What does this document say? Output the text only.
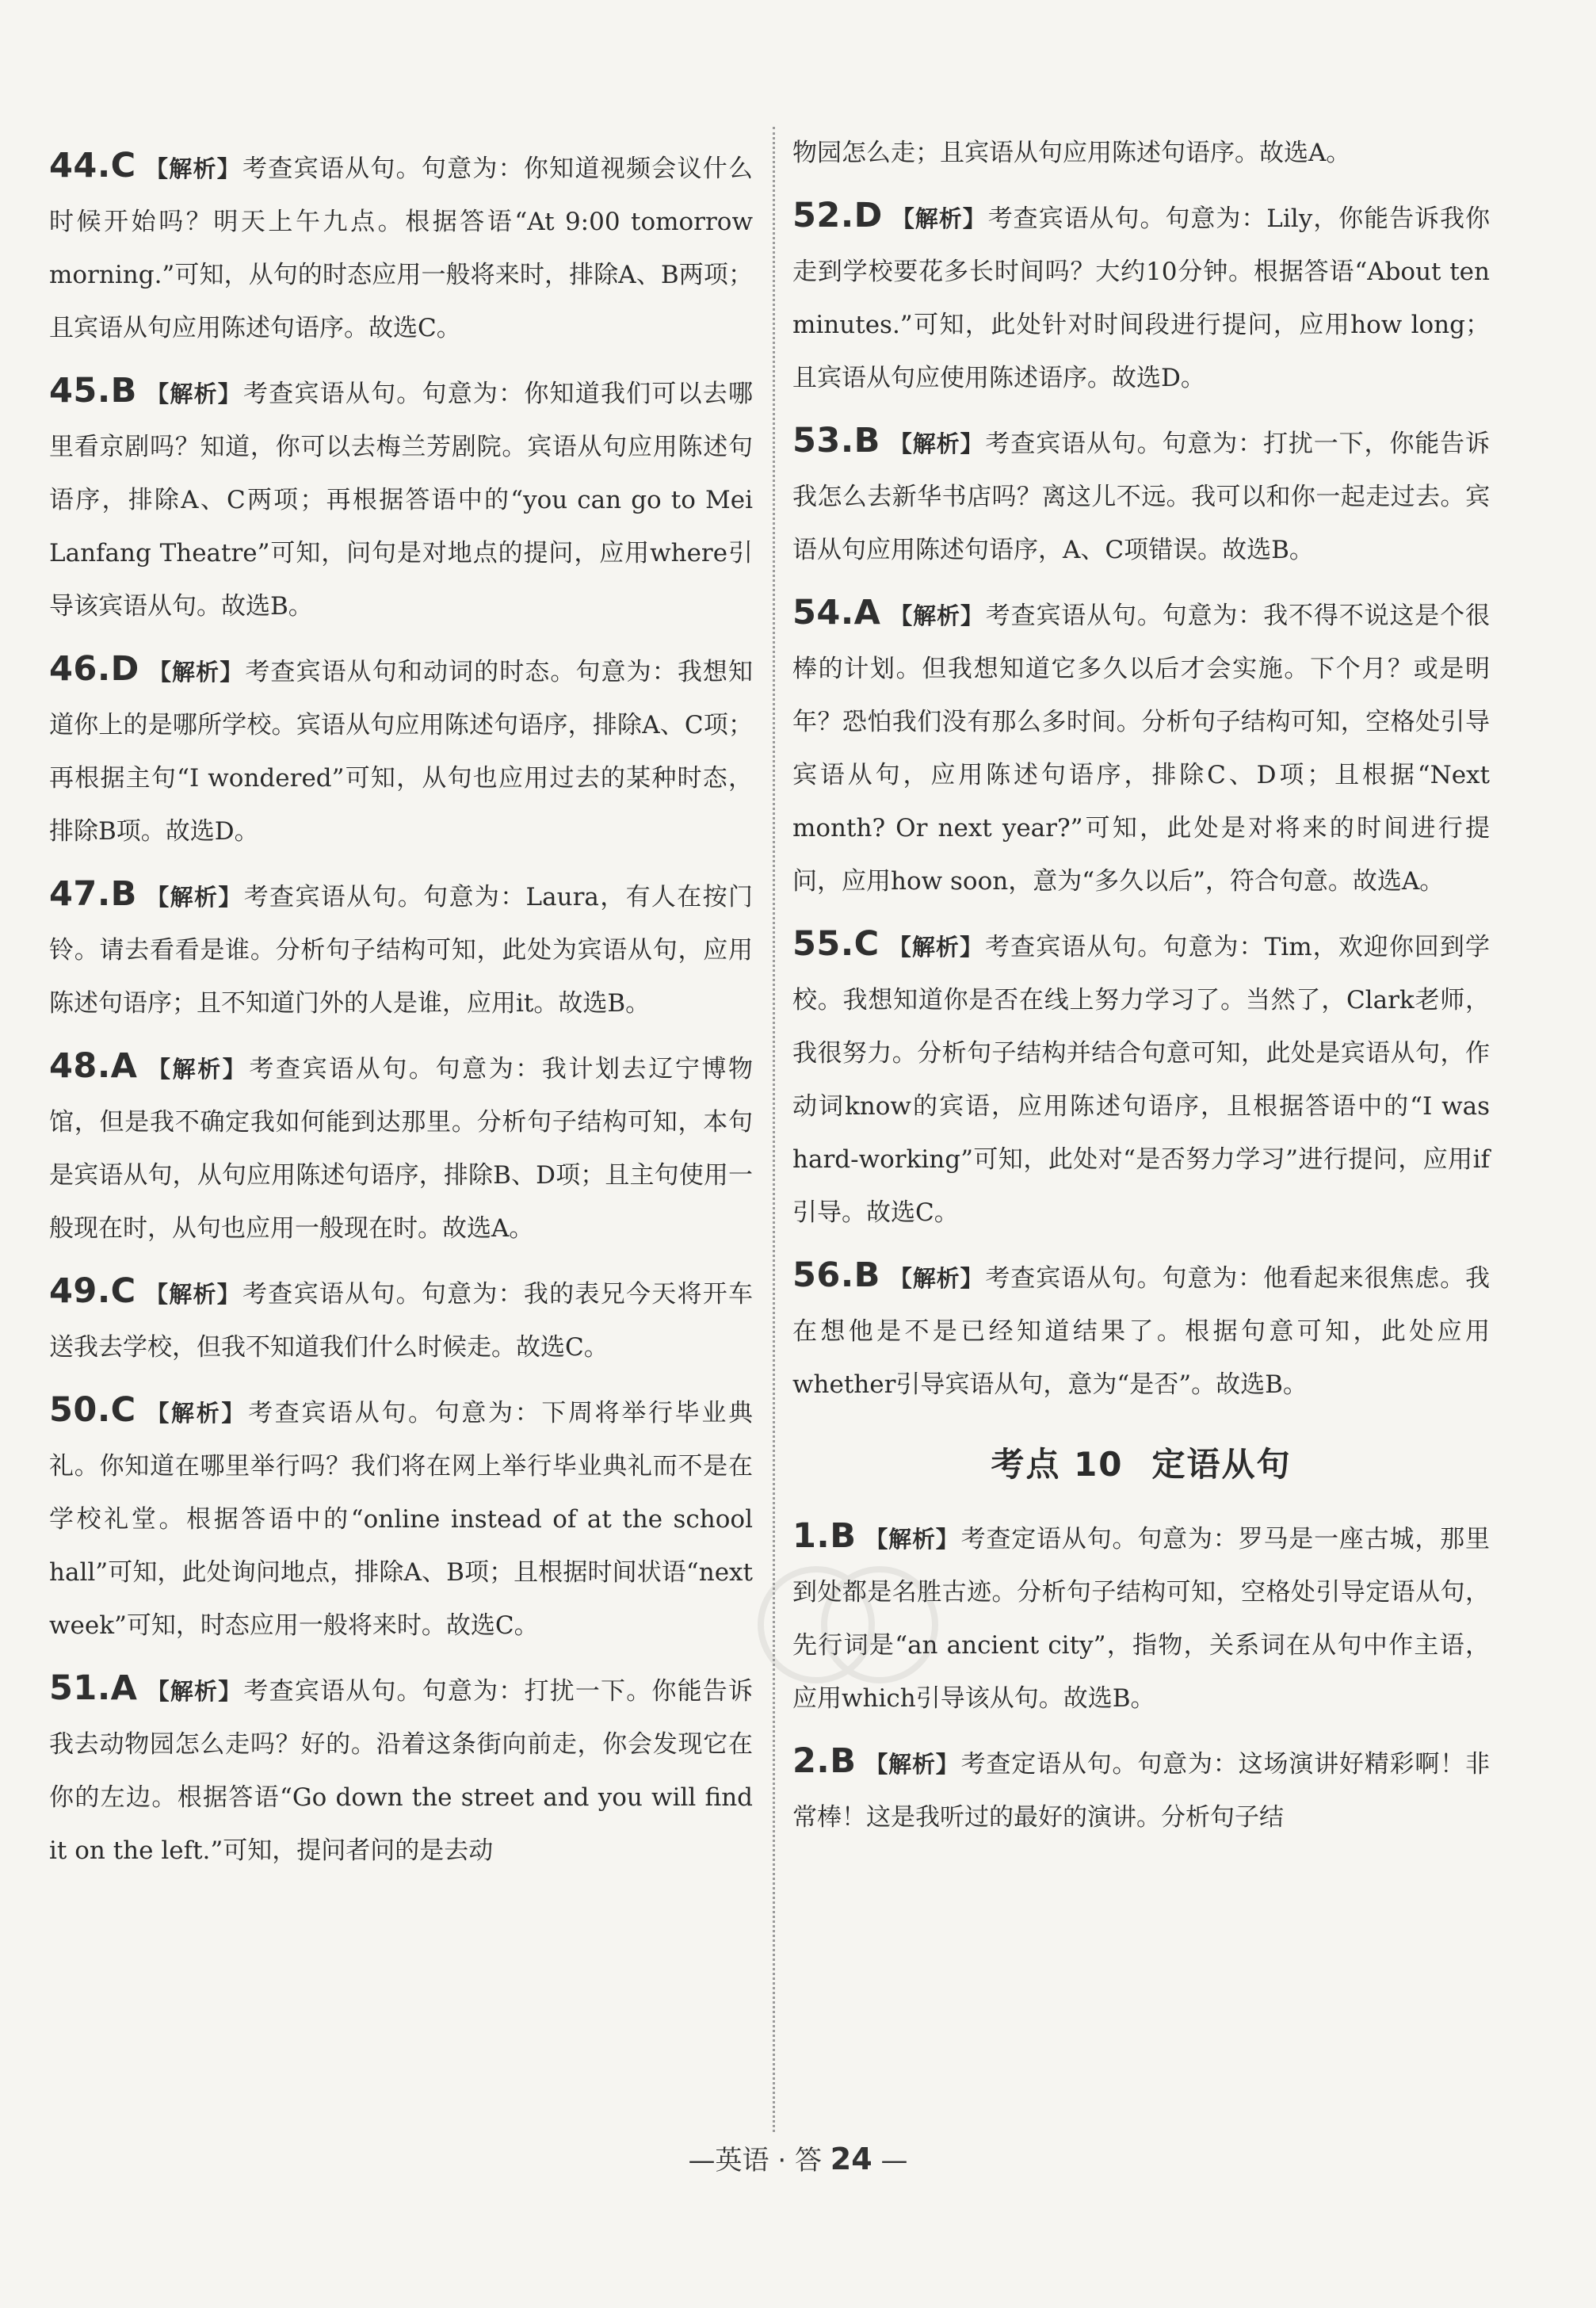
44.C 【解析】考查宾语从句。句意为：你知道视频会议什么时候开始吗？明天上午九点。根据答语“At 9:00 tomorrow morning.”可知，从句的时态应用一般将来时，排除A、B两项；且宾语从句应用陈述句语序。故选C。
45.B 【解析】考查宾语从句。句意为：你知道我们可以去哪里看京剧吗？知道，你可以去梅兰芳剧院。宾语从句应用陈述句语序，排除A、C两项；再根据答语中的“you can go to Mei Lanfang Theatre”可知，问句是对地点的提问，应用where引导该宾语从句。故选B。
46.D 【解析】考查宾语从句和动词的时态。句意为：我想知道你上的是哪所学校。宾语从句应用陈述句语序，排除A、C项；再根据主句“I wondered”可知，从句也应用过去的某种时态，排除B项。故选D。
47.B 【解析】考查宾语从句。句意为：Laura，有人在按门铃。请去看看是谁。分析句子结构可知，此处为宾语从句，应用陈述句语序；且不知道门外的人是谁，应用it。故选B。
48.A 【解析】考查宾语从句。句意为：我计划去辽宁博物馆，但是我不确定我如何能到达那里。分析句子结构可知，本句是宾语从句，从句应用陈述句语序，排除B、D项；且主句使用一般现在时，从句也应用一般现在时。故选A。
49.C 【解析】考查宾语从句。句意为：我的表兄今天将开车送我去学校，但我不知道我们什么时候走。故选C。
50.C 【解析】考查宾语从句。句意为：下周将举行毕业典礼。你知道在哪里举行吗？我们将在网上举行毕业典礼而不是在学校礼堂。根据答语中的“online instead of at the school hall”可知，此处询问地点，排除A、B项；且根据时间状语“next week”可知，时态应用一般将来时。故选C。
51.A 【解析】考查宾语从句。句意为：打扰一下。你能告诉我去动物园怎么走吗？好的。沿着这条街向前走，你会发现它在你的左边。根据答语“Go down the street and you will find it on the left.”可知，提问者问的是去动
物园怎么走；且宾语从句应用陈述句语序。故选A。
52.D 【解析】考查宾语从句。句意为：Lily，你能告诉我你走到学校要花多长时间吗？大约10分钟。根据答语“About ten minutes.”可知，此处针对时间段进行提问，应用how long；且宾语从句应使用陈述语序。故选D。
53.B 【解析】考查宾语从句。句意为：打扰一下，你能告诉我怎么去新华书店吗？离这儿不远。我可以和你一起走过去。宾语从句应用陈述句语序，A、C项错误。故选B。
54.A 【解析】考查宾语从句。句意为：我不得不说这是个很棒的计划。但我想知道它多久以后才会实施。下个月？或是明年？恐怕我们没有那么多时间。分析句子结构可知，空格处引导宾语从句，应用陈述句语序，排除C、D项；且根据“Next month? Or next year?”可知，此处是对将来的时间进行提问，应用how soon，意为“多久以后”，符合句意。故选A。
55.C 【解析】考查宾语从句。句意为：Tim，欢迎你回到学校。我想知道你是否在线上努力学习了。当然了，Clark老师，我很努力。分析句子结构并结合句意可知，此处是宾语从句，作动词know的宾语，应用陈述句语序，且根据答语中的“I was hard-working”可知，此处对“是否努力学习”进行提问，应用if引导。故选C。
56.B 【解析】考查宾语从句。句意为：他看起来很焦虑。我在想他是不是已经知道结果了。根据句意可知，此处应用whether引导宾语从句，意为“是否”。故选B。
考点 10 定语从句
1.B 【解析】考查定语从句。句意为：罗马是一座古城，那里到处都是名胜古迹。分析句子结构可知，空格处引导定语从句，先行词是“an ancient city”，指物，关系词在从句中作主语，应用which引导该从句。故选B。
2.B 【解析】考查定语从句。句意为：这场演讲好精彩啊！非常棒！这是我听过的最好的演讲。分析句子结
—英语 · 答 24 —
